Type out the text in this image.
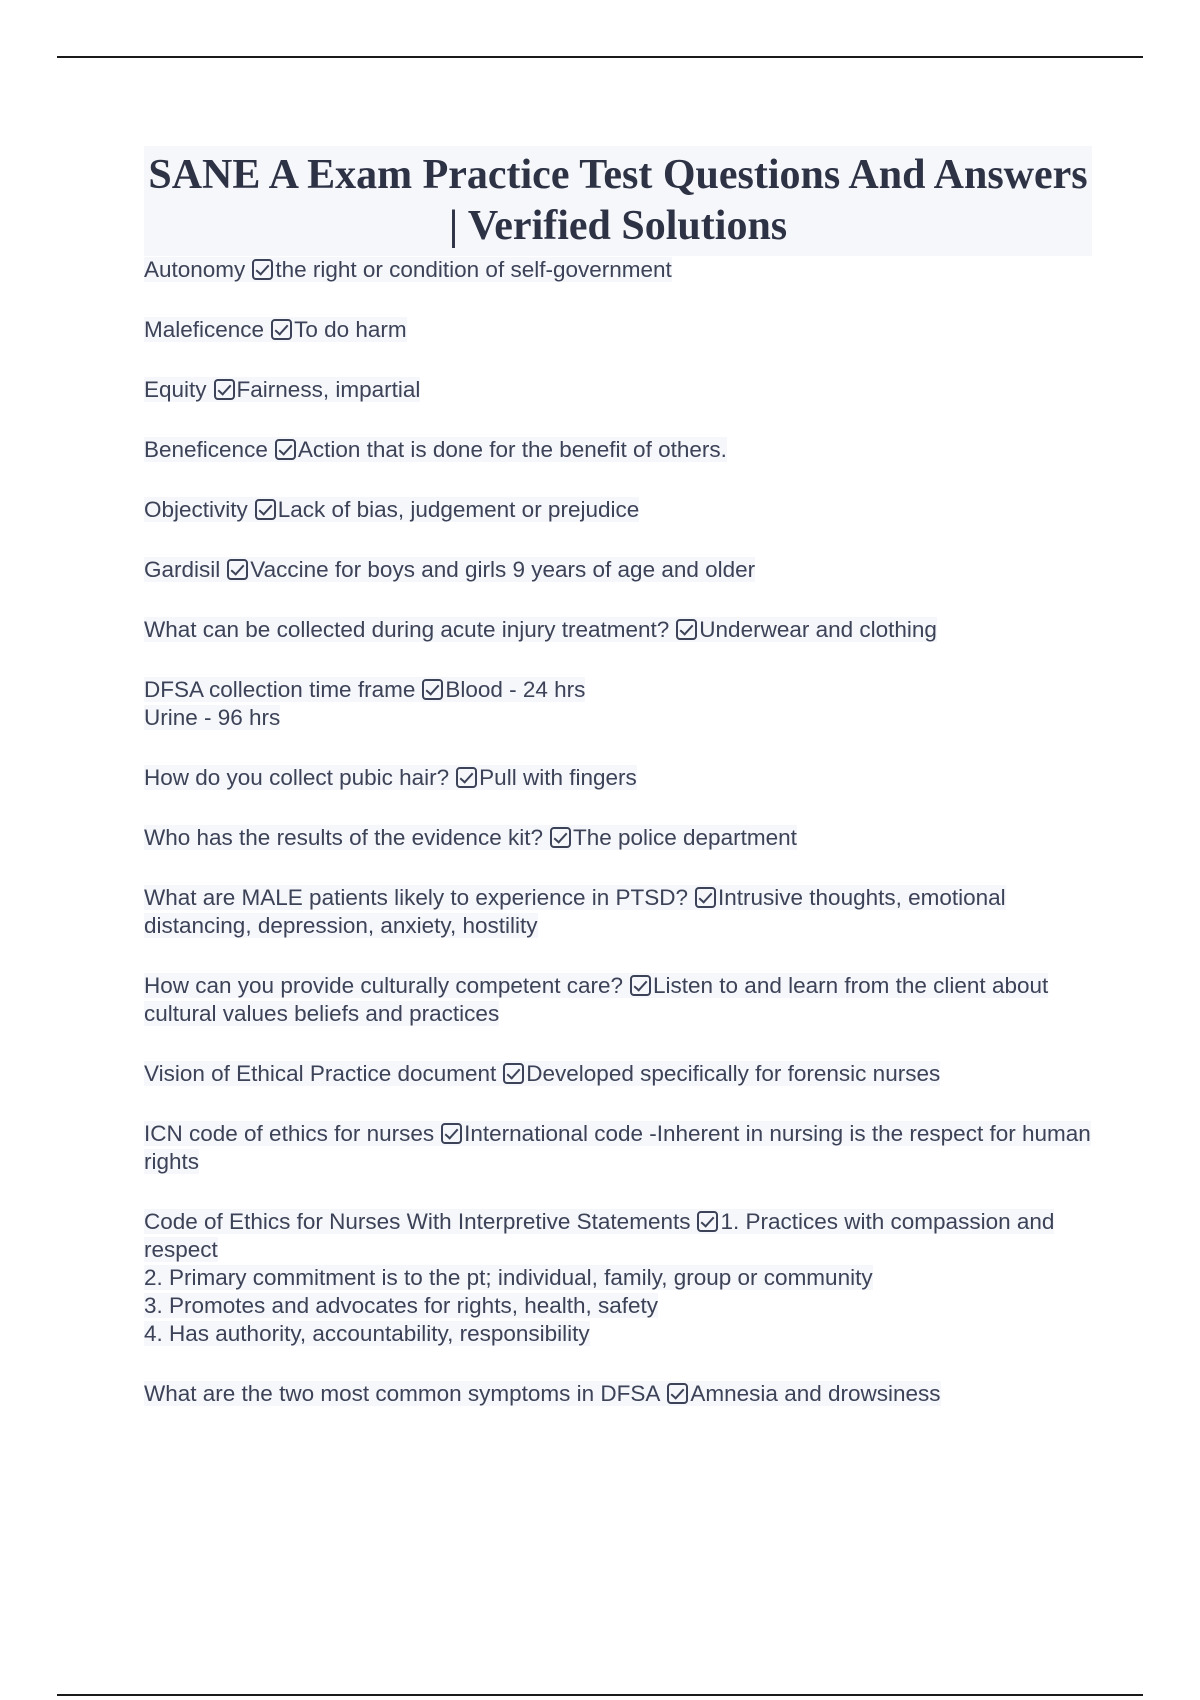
SANE A Exam Practice Test Questions And Answers | Verified Solutions
Autonomy the right or condition of self-government
Maleficence To do harm
Equity Fairness, impartial
Beneficence Action that is done for the benefit of others.
Objectivity Lack of bias, judgement or prejudice
Gardisil Vaccine for boys and girls 9 years of age and older
What can be collected during acute injury treatment? Underwear and clothing
DFSA collection time frame Blood - 24 hrs
Urine - 96 hrs
How do you collect pubic hair? Pull with fingers
Who has the results of the evidence kit? The police department
What are MALE patients likely to experience in PTSD? Intrusive thoughts, emotional distancing, depression, anxiety, hostility
How can you provide culturally competent care? Listen to and learn from the client about cultural values beliefs and practices
Vision of Ethical Practice document Developed specifically for forensic nurses
ICN code of ethics for nurses International code -Inherent in nursing is the respect for human rights
Code of Ethics for Nurses With Interpretive Statements 1. Practices with compassion and respect
2. Primary commitment is to the pt; individual, family, group or community
3. Promotes and advocates for rights, health, safety
4. Has authority, accountability, responsibility
What are the two most common symptoms in DFSA Amnesia and drowsiness
